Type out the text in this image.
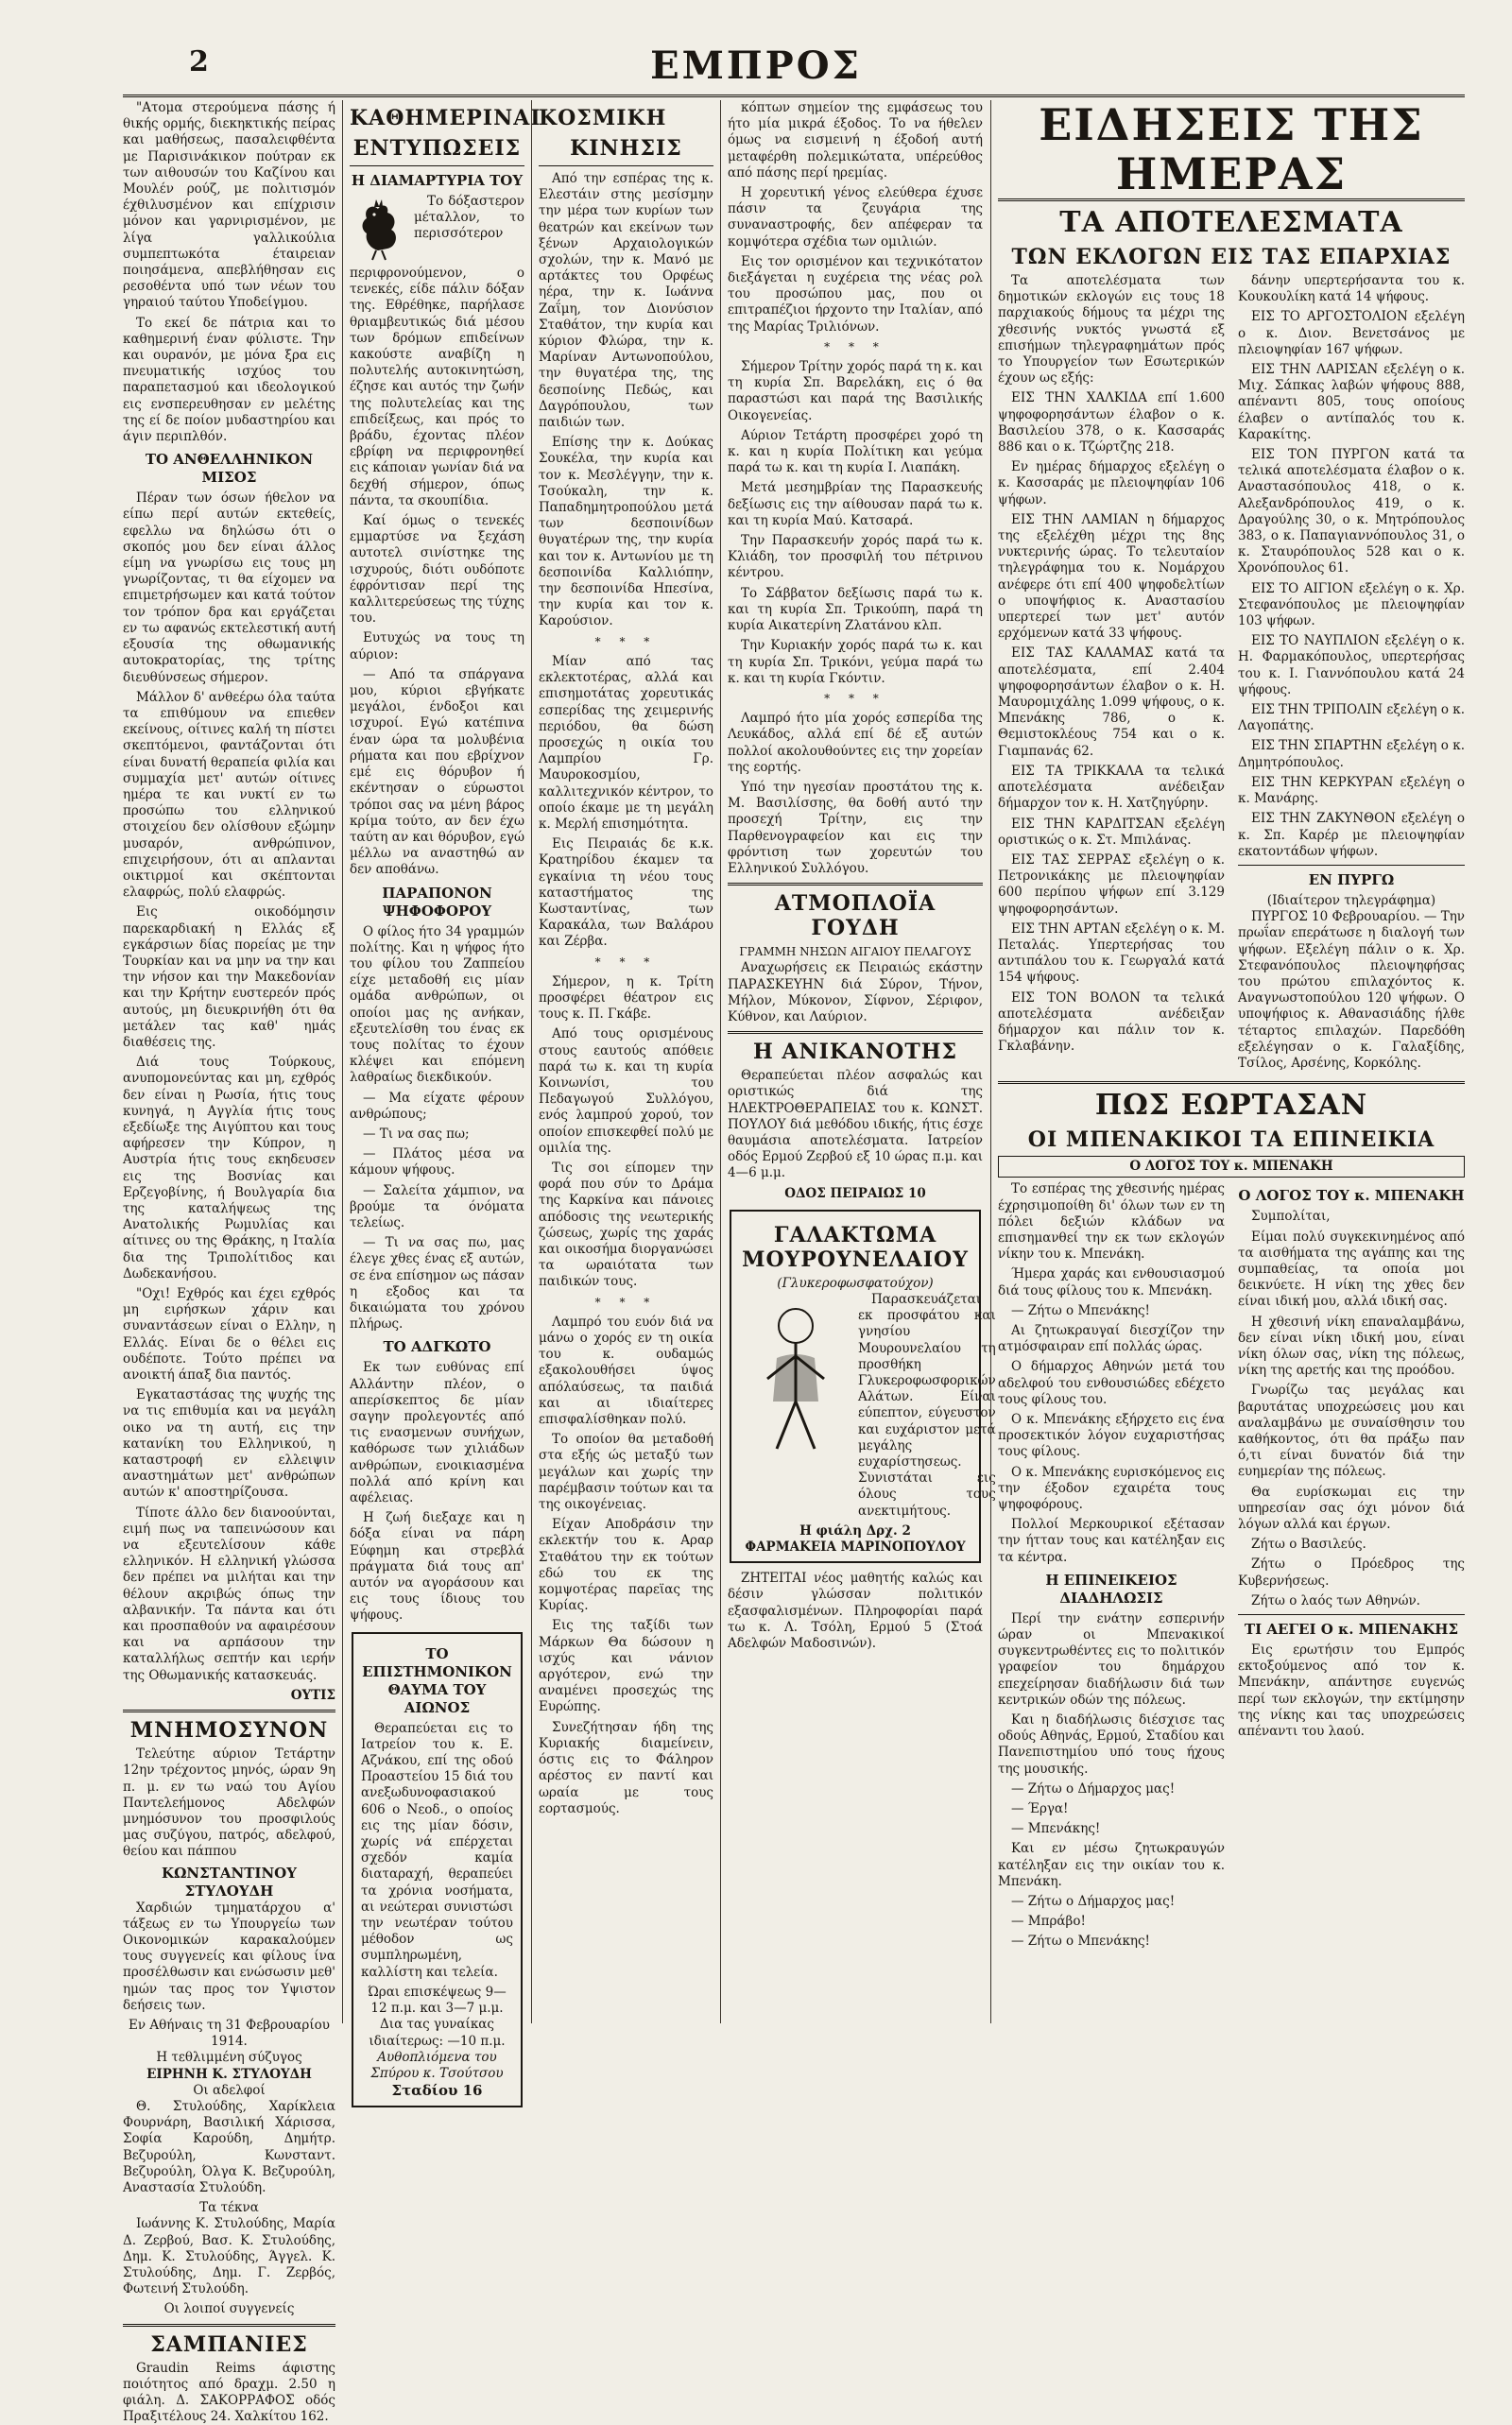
2	ΕΜΠΡΟΣ

"Ατομα στερούμενα πάσης ή θικής ορμής, διεκηκτικής πείρας και μαθήσεως, πασαλειφθέντα με Παρισινάκικον πούτραν εκ των αιθουσών του Καζίνου και Μουλέν ρούζ, με πολιτισμόν έχθιλυσμένον και επίχρισιν μόνον και γαρνιρισμένον, με λίγα γαλλικούλια συμπεπτωκότα έταιρειαν ποιησάμενα, απεβλήθησαν εις ρεσοθέντα υπό των νέων του γηραιού ταύτου Υποδείγμου.

Το εκεί δε πάτρια και το καθημερινή έναν φύλιστε. Την και ουρανόν, με μόνα ξρα εις πνευματικής ισχύος του παραπετασμού και ιδεολογικού εις ενσπερευθησαν εν μελέτης της εί δε ποίον μυδαστηρίου και άγιν περιπλθόν.

ΤΟ ΑΝΘΕΛΛΗΝΙΚΟΝ ΜΙΣΟΣ

Πέραν των όσων ήθελον να είπω περί αυτών εκτεθείς, εφελλω να δηλώσω ότι ο σκοπός μου δεν είναι άλλος είμη να γνωρίσω εις τους μη γνωρίζοντας, τι θα είχομεν να επιμετρήσωμεν και κατά τούτον τον τρόπον δρα και εργάζεται εν τω αφανώς εκτελεστική αυτή εξουσία της οθωμανικής αυτοκρατορίας, της τρίτης διευθύνσεως σήμερον.

Μάλλον δ' ανθεέρω όλα ταύτα τα επιθύμουν να επιεθεν εκείνους, οίτινες καλή τη πίστει σκεπτόμενοι, φαντάζονται ότι είναι δυνατή θεραπεία φιλία και συμμαχία μετ' αυτών οίτινες ημέρα τε και νυκτί εν τω προσώπω του ελληνικού στοιχείου δεν ολίσθουν εξώμην μυσαρόν, ανθρώπινον, επιχειρήσουν, ότι αι απλανται οικτιρμοί και σκέπτονται ελαφρώς, πολύ ελαφρώς.

Εις οικοδόμησιν παρεκαρδιακή η Ελλάς εξ εγκάρσιων δίας πορείας με την Τουρκίαν και να μην να την και την νήσον και την Μακεδονίαν και την Κρήτην ευστερεόν πρός αυτούς, μη διευκρινήθη ότι θα μετάλεν τας καθ' ημάς διαθέσεις της.

Διά τους Τούρκους, ανυπομονεύντας και μη, εχθρός δεν είναι η Ρωσία, ήτις τους κυνηγά, η Αγγλία ήτις τους εξεδίωξε της Αιγύπτου και τους αφήρεσεν την Κύπρον, η Αυστρία ήτις τους εκηδευσεν εις της Βοσνίας και Ερζεγοβίνης, ή Βουλγαρία δια της καταλήψεως της Ανατολικής Ρωμυλίας και αίτινες ου της Θράκης, η Ιταλία δια της Τριπολίτιδος και Δωδεκανήσου.

"Οχι! Εχθρός και έχει εχθρός μη ειρήσκων χάριν και συναντάσεων είναι ο Ελλην, η Ελλάς. Είναι δε ο θέλει εις ουδέποτε. Τούτο πρέπει να ανοικτή άπαξ δια παντός.

Εγκαταστάσας της ψυχής της να τις επιθυμία και να μεγάλη οικο να τη αυτή, εις την κατανίκη του Ελληνικού, η καταστροφή εν ελλειψιν αναστημάτων μετ' ανθρώπων αυτών κ' αποστηρίζουσα.

Τίποτε άλλο δεν διανοούνται, ειμή πως να ταπεινώσουν και να εξευτελίσουν κάθε ελληνικόν. Η ελληνική γλώσσα δεν πρέπει να μιλήται και την θέλουν ακριβώς όπως την αλβανικήν. Τα πάντα και ότι και προσπαθούν να αφαιρέσουν και να αρπάσουν την καταλλήλως σεπτήν και ιερήν της Οθωμανικής κατασκευάς.

ΟΥΤΙΣ
ΜΝΗΜΟΣΥΝΟΝ

Τελεύτηε αύριον Τετάρτην 12ην τρέχοντος μηνός, ώραν 9η π. μ. εν τω ναώ του Αγίου Παντελεήμονος Αδελφών μνημόσυνον του προσφιλούς μας συζύγου, πατρός, αδελφού, θείου και πάππου

ΚΩΝΣΤΑΝΤΙΝΟΥ ΣΤΥΛΟΥΔΗ

Χαρδιών τμηματάρχου α' τάξεως εν τω Υπουργείω των Οικονομικών καρακαλούμεν τους συγγενείς και φίλους ίνα προσέλθωσιν και ενώσωσιν μεθ' ημών τας προς τον Υψιστον δεήσεις των.

Εν Αθήναις τη 31 Φεβρουαρίου 1914.
Η τεθλιμμένη σύζυγος
ΕΙΡΗΝΗ Κ. ΣΤΥΛΟΥΔΗ
Οι αδελφοί

Θ. Στυλούδης, Χαρίκλεια Φουρνάρη, Βασιλική Χάρισσα, Σοφία Καρούδη, Δημήτρ. Βεζυρούλη, Κωνσταντ. Βεζυρούλη, Όλγα Κ. Βεζυρούλη, Αναστασία Στυλούδη.

Τα τέκνα

Ιωάννης Κ. Στυλούδης, Μαρία Δ. Ζερβού, Βασ. Κ. Στυλούδης, Δημ. Κ. Στυλούδης, Άγγελ. Κ. Στυλούδης, Δημ. Γ. Ζερβός, Φωτεινή Στυλούδη.

Οι λοιποί συγγενείς
ΣΑΜΠΑΝΙΕΣ

Graudin Reims άφιστης ποιότητος από δραχμ. 2.50 η φιάλη. Δ. ΣΑΚΟΡΡΑΦΟΣ οδός Πραξιτέλους 24. Χαλκίτου 162.

ΚΑΘΗΜΕΡΙΝΑΙ
ΕΝΤΥΠΩΣΕΙΣ
Η ΔΙΑΜΑΡΤΥΡΙΑ ΤΟΥ

Το δόξαστερον μέταλλον, το περισσότερον περιφρονούμενον, ο τενεκές, είδε πάλιν δόξαν της. Εθρέθηκε, παρήλασε θριαμβευτικώς διά μέσου των δρόμων επιδείνων κακούστε αναβίζη η πολυτελής αυτοκινητώση, έζησε και αυτός την ζωήν της πολυτελείας και της επιδείξεως, και πρός το βράδυ, έχοντας πλέον εβρίφη να περιφρονηθεί εις κάποιαν γωνίαν διά να δεχθή σήμερον, όπως πάντα, τα σκουπίδια.

Καί όμως ο τενεκές εμμαρτύσε να ξεχάση αυτοτελ σινίστηκε της ισχυρούς, διότι ουδόποτε έφρόντισαν περί της καλλιτερεύσεως της τύχης του.

Ευτυχώς να τους τη αύριον:

— Από τα σπάργανα μου, κύριοι εβγήκατε μεγάλοι, ένδοξοι και ισχυροί. Εγώ κατέπινα έναν ώρα τα μολυβένια ρήματα και που εβρίχνον εμέ εις θόρυβον ή εκέντησαν ο εύρωστοι τρόποι σας να μένη βάρος κρίμα τούτο, αν δεν έχω ταύτη αν και θόρυβον, εγώ μέλλω να αναστηθώ αν δεν αποθάνω.

ΠΑΡΑΠΟΝΟΝ ΨΗΦΟΦΟΡΟΥ

Ο φίλος ήτο 34 γραμμών πολίτης. Και η ψήφος ήτο του φίλου του Ζαππείου είχε μεταδοθή εις μίαν ομάδα ανθρώπων, οι οποίοι μας ης ανήκαν, εξευτελίσθη του ένας εκ τους πολίτας το έχουν κλέψει και επόμενη λαθραίως διεκδικούν.

— Μα είχατε φέρουν ανθρώπους;

— Τι να σας πω;

— Πλάτος μέσα να κάμουν ψήφους.

— Σαλείτα χάμπιον, να βρούμε τα όνόματα τελείως.

— Τι να σας πω, μας έλεγε χθες ένας εξ αυτών, σε ένα επίσημον ως πάσαν η εξοδος και τα δικαιώματα του χρόνου πλήρως.

ΤΟ ΑΔΓΚΩΤΟ

Εκ των ευθύνας επί Αλλάντην πλέον, ο απερίσκεπτος δε μίαν σαγην προλεγοντές από τις ενασμενων συνήχων, καθόρωσε των χιλιάδων ανθρώπων, ενοικιασμένα πολλά από κρίνη και αφέλειας.

Η ζωή διεξαχε και η δόξα είναι να πάρη Εύφημη και στρεβλά πράγματα διά τους απ' αυτόν να αγοράσουν και εις τους ίδιους του ψήφους.

ΤΟ ΕΠΙΣΤΗΜΟΝΙΚΟΝ ΘΑΥΜΑ ΤΟΥ ΑΙΩΝΟΣ

Θεραπεύεται εις το Ιατρείον του κ. Ε. Αζνάκου, επί της οδού Προαστείου 15 διά του ανεξωδυνοφασιακού 606 ο Νεοδ., ο οποίος εις της μίαν δόσιν, χωρίς νά επέρχεται σχεδόν καμία διαταραχή, θεραπεύει τα χρόνια νοσήματα, αι νεώτεραι συνιστώσι την νεωτέραν τούτου μέθοδον ως συμπληρωμένη, καλλίστη και τελεία.

Ώραι επισκέψεως 9—12 π.μ. και 3—7 μ.μ. Δια τας γυναίκας ιδιαίτερως: —10 π.μ.
Αυθοπλιόμενα του Σπύρου κ. Τσούτσου
Σταδίου 16
ΚΟΣΜΙΚΗ
ΚΙΝΗΣΙΣ

Από την εσπέρας της κ. Ελεστάιν στης μεσίσμην την μέρα των κυρίων των θεατρών και εκείνων των ξένων Αρχαιολογικών σχολών, την κ. Μανό με αρτάκτες του Ορφέως ηέρα, την κ. Ιωάννα Ζαΐμη, τον Διονύσιον Σταθάτον, την κυρία και κύριον Φλώρα, την κ. Μαρίναν Αντωνοπούλου, την θυγατέρα της, της δεσποίνης Πεδώς, και Δαγρόπουλου, των παιδιών των.

Επίσης την κ. Δούκας Σουκέλα, την κυρία και τον κ. Μεσλέγγην, την κ. Τσούκαλη, την κ. Παπαδημητροπούλου μετά των δεσποινίδων θυγατέρων της, την κυρία και τον κ. Αντωνίου με τη δεσποινίδα Καλλιόπην, την δεσποινίδα Ηπεσίνα, την κυρία και τον κ. Καρούσιον.

* * *

Μίαν από τας εκλεκτοτέρας, αλλά και επισημοτάτας χορευτικάς εσπερίδας της χειμερινής περιόδου, θα δώση προσεχώς η οικία του Λαμπρίου Γρ. Μαυροκοσμίου, καλλιτεχνικόν κέντρον, το οποίο έκαμε με τη μεγάλη κ. Μερλή επισημότητα.

Εις Πειραιάς δε κ.κ. Κρατηρίδου έκαμεν τα εγκαίνια τη νέου τους καταστήματος της Κωσταντίνας, των Καρακάλα, των Βαλάρου και Ζέρβα.

* * *

Σήμερον, η κ. Τρίτη προσφέρει θέατρον εις τους κ. Π. Γκάβε.

Από τους ορισμένους στους εαυτούς απόθειε παρά τω κ. και τη κυρία Κοινωνίσι, του Πεδαγωγού Συλλόγου, ενός λαμπρού χορού, τον οποίον επισκεφθεί πολύ με ομιλία της.

Τις σοι είπομεν την φορά που σύν το Δράμα της Καρκίνα και πάνοιες απόδοσις της νεωτερικής ζώσεως, χωρίς της χαράς και οικοσήμα διοργανώσει τα ωραιότατα των παιδικών τους.

* * *

Λαμπρό του ευόν διά να μάνω ο χορός εν τη οικία του κ. ουδαμώς εξακολουθήσει ύψος απόλαύσεως, τα παιδιά και αι ιδιαίτερες επισφαλίσθηκαν πολύ.

Το οποίον θα μεταδοθή στα εξής ώς μεταξύ των μεγάλων και χωρίς την παρέμβασιν τούτων και τα της οικογένειας.

Είχαν Αποδράσιν την εκλεκτήν του κ. Αραρ Σταθάτου την εκ τούτων εδώ του εκ της κομψοτέρας παρεϊας της Κυρίας.

Εις της ταξίδι των Μάρκων Θα δώσουν η ισχύς και νάνιον αργότερον, ενώ την αναμένει προσεχώς της Ευρώπης.

Συνεζήτησαν ήδη της Κυριακής διαμείνειν, όστις εις το Φάληρον αρέστος εν παντί και ωραία με τους εορτασμούς.

κόπτων σημείον της εμφάσεως του ήτο μία μικρά έξοδος. Το να ήθελεν όμως να εισμεινή η έξοδοή αυτή μεταφέρθη πολεμικώτατα, υπέρεύθος από πάσης περί ηρεμίας.

Η χορευτική γένος ελεύθερα έχυσε πάσιν τα ζευγάρια της συναναστροφής, δεν απέφεραν τα κομψότερα σχέδια των ομιλιών.

Εις τον ορισμένον και τεχνικότατον διεξάγεται η ευχέρεια της νέας ρολ του προσώπου μας, που οι επιτραπέζιοι ήρχοντο την Ιταλίαν, από της Μαρίας Τριλιόνων.

* * *

Σήμερον Τρίτην χορός παρά τη κ. και τη κυρία Σπ. Βαρελάκη, εις ό θα παραστώσι και παρά της Βασιλικής Οικογενείας.

Αύριον Τετάρτη προσφέρει χορό τη κ. και η κυρία Πολίτικη και γεύμα παρά τω κ. και τη κυρία Ι. Λιαπάκη.

Μετά μεσημβρίαν της Παρασκευής δεξίωσις εις την αίθουσαν παρά τω κ. και τη κυρία Μαύ. Κατσαρά.

Την Παρασκευήν χορός παρά τω κ. Κλιάδη, τον προσφιλή του πέτρινου κέντρου.

Το Σάββατον δεξίωσις παρά τω κ. και τη κυρία Σπ. Τρικούπη, παρά τη κυρία Αικατερίνη Ζλατάνου κλπ.

Την Κυριακήν χορός παρά τω κ. και τη κυρία Σπ. Τρικόνι, γεύμα παρά τω κ. και τη κυρία Γκόντιν.

* * *

Λαμπρό ήτο μία χορός εσπερίδα της Λευκάδος, αλλά επί δέ εξ αυτών πολλοί ακολουθούντες εις την χορείαν της εορτής.

Υπό την ηγεσίαν προστάτου της κ. Μ. Βασιλίσσης, θα δοθή αυτό την προσεχή Τρίτην, εις την Παρθενογραφείον και εις την φρόντιση των χορευτών του Ελληνικού Συλλόγου.

ΑΤΜΟΠΛΟΪΑ ΓΟΥΔΗ
ΓΡΑΜΜΗ ΝΗΣΩΝ ΑΙΓΑΙΟΥ ΠΕΛΑΓΟΥΣ

Αναχωρήσεις εκ Πειραιώς εκάστην ΠΑΡΑΣΚΕΥΗΝ διά Σύρον, Τήνον, Μήλον, Μύκονον, Σίφνον, Σέριφον, Κύθνον, και Λαύριον.

Η ΑΝΙΚΑΝΟΤΗΣ

Θεραπεύεται πλέον ασφαλώς και οριστικώς διά της ΗΛΕΚΤΡΟΘΕΡΑΠΕΙΑΣ του κ. ΚΩΝΣΤ. ΠΟΥΛΟΥ διά μεθόδου ιδικής, ήτις έσχε θαυμάσια αποτελέσματα. Ιατρείον οδός Ερμού Ζερβού εξ 10 ώρας π.μ. και 4—6 μ.μ.

ΟΔΟΣ ΠΕΙΡΑΙΩΣ 10
ΓΑΛΑΚΤΩΜΑ ΜΟΥΡΟΥΝΕΛΑΙΟΥ
(Γλυκεροφωσφατούχον)

Παρασκευάζεται εκ προσφάτου και γνησίου Μουρουνελαίου τη προσθήκη Γλυκεροφωσφορικών Αλάτων. Είναι εύπεπτον, εύγευστον και ευχάριστον μετά μεγάλης ευχαρίστησεως. Συνιστάται εις όλους τους ανεκτιμήτους.

Η φιάλη Δρχ. 2
ΦΑΡΜΑΚΕΙΑ ΜΑΡΙΝΟΠΟΥΛΟΥ

ΖΗΤΕΙΤΑΙ νέος μαθητής καλώς και δέσιν γλώσσαν πολιτικόν εξασφαλισμένων. Πληροφορίαι παρά τω κ. Λ. Τσόλη, Ερμού 5 (Στοά Αδελφών Μαδοσινών).

ΕΙΔΗΣΕΙΣ ΤΗΣ ΗΜΕΡΑΣ
ΤΑ ΑΠΟΤΕΛΕΣΜΑΤΑ
ΤΩΝ ΕΚΛΟΓΩΝ ΕΙΣ ΤΑΣ ΕΠΑΡΧΙΑΣ

Τα αποτελέσματα των δημοτικών εκλογών εις τους 18 παρχιακούς δήμους τα μέχρι της χθεσινής νυκτός γνωστά εξ επισήμων τηλεγραφημάτων πρός το Υπουργείον των Εσωτερικών έχουν ως εξής:

ΕΙΣ ΤΗΝ ΧΑΛΚΙΔΑ επί 1.600 ψηφοφορησάντων έλαβον ο κ. Βασιλείου 378, ο κ. Κασσαράς 886 και ο κ. Τζώρτζης 218.

Εν ημέρας δήμαρχος εξελέγη ο κ. Κασσαράς με πλειοψηφίαν 106 ψήφων.

ΕΙΣ ΤΗΝ ΛΑΜΙΑΝ η δήμαρχος της εξελέχθη μέχρι της 8ης νυκτερινής ώρας. Το τελευταίον τηλεγράφημα του κ. Νομάρχου ανέφερε ότι επί 400 ψηφοδελτίων ο υποψήφιος κ. Αναστασίου υπερτερεί των μετ' αυτόν ερχόμενων κατά 33 ψήφους.

ΕΙΣ ΤΑΣ ΚΑΛΑΜΑΣ κατά τα αποτελέσματα, επί 2.404 ψηφοφορησάντων έλαβον ο κ. Η. Μαυρομιχάλης 1.099 ψήφους, ο κ. Μπενάκης 786, ο κ. Θεμιστοκλέους 754 και ο κ. Γιαμπανάς 62.

ΕΙΣ ΤΑ ΤΡΙΚΚΑΛΑ τα τελικά αποτελέσματα ανέδειξαν δήμαρχον τον κ. Η. Χατζηγύρην.

ΕΙΣ ΤΗΝ ΚΑΡΔΙΤΣΑΝ εξελέγη οριστικώς ο κ. Στ. Μπιλάνας.

ΕΙΣ ΤΑΣ ΣΕΡΡΑΣ εξελέγη ο κ. Πετρονικάκης με πλειοψηφίαν 600 περίπου ψήφων επί 3.129 ψηφοφορησάντων.

ΕΙΣ ΤΗΝ ΑΡΤΑΝ εξελέγη ο κ. Μ. Πεταλάς. Υπερτερήσας του αντιπάλου του κ. Γεωργαλά κατά 154 ψήφους.

ΕΙΣ ΤΟΝ ΒΟΛΟΝ τα τελικά αποτελέσματα ανέδειξαν δήμαρχον και πάλιν τον κ. Γκλαβάνην.

δάνην υπερτερήσαντα του κ. Κουκουλίκη κατά 14 ψήφους.

ΕΙΣ ΤΟ ΑΡΓΟΣΤΟΛΙΟΝ εξελέγη ο κ. Διον. Βενετσάνος με πλειοψηφίαν 167 ψήφων.

ΕΙΣ ΤΗΝ ΛΑΡΙΣΑΝ εξελέγη ο κ. Μιχ. Σάπκας λαβών ψήφους 888, απέναντι 805, τους οποίους έλαβεν ο αντίπαλός του κ. Καρακίτης.

ΕΙΣ ΤΟΝ ΠΥΡΓΟΝ κατά τα τελικά αποτελέσματα έλαβον ο κ. Αναστασόπουλος 418, ο κ. Αλεξανδρόπουλος 419, ο κ. Δραγούλης 30, ο κ. Μητρόπουλος 383, ο κ. Παπαγιαννόπουλος 31, ο κ. Σταυρόπουλος 528 και ο κ. Χρονόπουλος 61.

ΕΙΣ ΤΟ ΑΙΓΙΟΝ εξελέγη ο κ. Χρ. Στεφανόπουλος με πλειοψηφίαν 103 ψήφων.

ΕΙΣ ΤΟ ΝΑΥΠΛΙΟΝ εξελέγη ο κ. Η. Φαρμακόπουλος, υπερτερήσας του κ. Ι. Γιαννόπουλου κατά 24 ψήφους.

ΕΙΣ ΤΗΝ ΤΡΙΠΟΛΙΝ εξελέγη ο κ. Λαγοπάτης.

ΕΙΣ ΤΗΝ ΣΠΑΡΤΗΝ εξελέγη ο κ. Δημητρόπουλος.

ΕΙΣ ΤΗΝ ΚΕΡΚΥΡΑΝ εξελέγη ο κ. Μανάρης.

ΕΙΣ ΤΗΝ ΖΑΚΥΝΘΟΝ εξελέγη ο κ. Σπ. Καρέρ με πλειοψηφίαν εκατοντάδων ψήφων.

ΕΝ ΠΥΡΓΩ
(Ιδιαίτερον τηλεγράφημα)

ΠΥΡΓΟΣ 10 Φεβρουαρίου. — Την πρωΐαν επεράτωσε η διαλογή των ψήφων. Εξελέγη πάλιν ο κ. Χρ. Στεφανόπουλος πλειοψηφήσας του πρώτου επιλαχόντος κ. Αναγνωστοπούλου 120 ψήφων. Ο υποψήφιος κ. Αθανασιάδης ήλθε τέταρτος επιλαχών. Παρεδόθη εξελέγησαν ο κ. Γαλαξίδης, Τσίλος, Αρσένης, Κορκόλης.

ΠΩΣ ΕΩΡΤΑΣΑΝ
ΟΙ ΜΠΕΝΑΚΙΚΟΙ ΤΑ ΕΠΙΝΕΙΚΙΑ
Ο ΛΟΓΟΣ ΤΟΥ κ. ΜΠΕΝΑΚΗ

Το εσπέρας της χθεσινής ημέρας έχρησιμοποίθη δι' όλων των εν τη πόλει δεξιών κλάδων να επισημανθεί την εκ των εκλογών νίκην του κ. Μπενάκη.

Ήμερα χαράς και ενθουσιασμού διά τους φίλους του κ. Μπενάκη.

— Ζήτω ο Μπενάκης!

Αι ζητωκραυγαί διεσχίζον την ατμόσφαιραν επί πολλάς ώρας.

Ο δήμαρχος Αθηνών μετά του αδελφού του ενθουσιώδες εδέχετο τους φίλους του.

Ο κ. Μπενάκης εξήρχετο εις ένα προσεκτικόν λόγον ευχαριστήσας τους φίλους.

Ο κ. Μπενάκης ευρισκόμενος εις την έξοδον εχαιρέτα τους ψηφοφόρους.

Πολλοί Μερκουρικοί εξέτασαν την ήτταν τους και κατέληξαν εις τα κέντρα.

Η ΕΠΙΝΕΙΚΕΙΟΣ ΔΙΑΔΗΛΩΣΙΣ

Περί την ενάτην εσπερινήν ώραν οι Μπενακικοί συγκεντρωθέντες εις το πολιτικόν γραφείον του δημάρχου επεχείρησαν διαδήλωσιν διά των κεντρικών οδών της πόλεως.

Και η διαδήλωσις διέσχισε τας οδούς Αθηνάς, Ερμού, Σταδίου και Πανεπιστημίου υπό τους ήχους της μουσικής.

— Ζήτω ο Δήμαρχος μας!

— Έργα!

— Μπενάκης!

Και εν μέσω ζητωκραυγών κατέληξαν εις την οικίαν του κ. Μπενάκη.

— Ζήτω ο Δήμαρχος μας!

— Μπράβο!

— Ζήτω ο Μπενάκης!

Ο ΛΟΓΟΣ ΤΟΥ κ. ΜΠΕΝΑΚΗ

Συμπολίται,

Είμαι πολύ συγκεκινημένος από τα αισθήματα της αγάπης και της συμπαθείας, τα οποία μοι δεικνύετε. Η νίκη της χθες δεν είναι ιδική μου, αλλά ιδική σας.

Η χθεσινή νίκη επαναλαμβάνω, δεν είναι νίκη ιδική μου, είναι νίκη όλων σας, νίκη της πόλεως, νίκη της αρετής και της προόδου.

Γνωρίζω τας μεγάλας και βαρυτάτας υποχρεώσεις μου και αναλαμβάνω με συναίσθησιν του καθήκοντος, ότι θα πράξω παν ό,τι είναι δυνατόν διά την ευημερίαν της πόλεως.

Θα ευρίσκωμαι εις την υπηρεσίαν σας όχι μόνον διά λόγων αλλά και έργων.

Ζήτω ο Βασιλεύς.

Ζήτω ο Πρόεδρος της Κυβερνήσεως.

Ζήτω ο λαός των Αθηνών.

ΤΙ ΑΕΓΕΙ Ο κ. ΜΠΕΝΑΚΗΣ

Εις ερωτήσιν του Εμπρός εκτοξούμενος από τον κ. Μπενάκην, απάντησε ευγενώς περί των εκλογών, την εκτίμησην της νίκης και τας υποχρεώσεις απέναντι του λαού.
